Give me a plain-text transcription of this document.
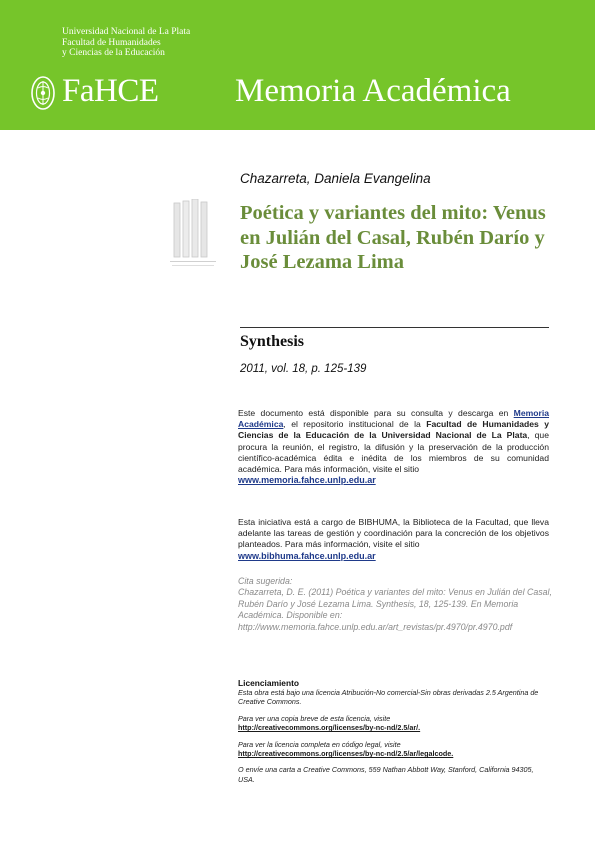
Universidad Nacional de La Plata
Facultad de Humanidades
y Ciencias de la Educación
FaHCE Memoria Académica
Chazarreta, Daniela Evangelina
Poética y variantes del mito: Venus en Julián del Casal, Rubén Darío y José Lezama Lima
Synthesis
2011, vol. 18, p. 125-139
Este documento está disponible para su consulta y descarga en Memoria Académica, el repositorio institucional de la Facultad de Humanidades y Ciencias de la Educación de la Universidad Nacional de La Plata, que procura la reunión, el registro, la difusión y la preservación de la producción científico-académica édita e inédita de los miembros de su comunidad académica. Para más información, visite el sitio
www.memoria.fahce.unlp.edu.ar
Esta iniciativa está a cargo de BIBHUMA, la Biblioteca de la Facultad, que lleva adelante las tareas de gestión y coordinación para la concreción de los objetivos planteados. Para más información, visite el sitio
www.bibhuma.fahce.unlp.edu.ar
Cita sugerida:
Chazarreta, D. E. (2011) Poética y variantes del mito: Venus en Julián del Casal, Rubén Darío y José Lezama Lima. Synthesis, 18, 125-139. En Memoria Académica. Disponible en:
http://www.memoria.fahce.unlp.edu.ar/art_revistas/pr.4970/pr.4970.pdf
Licenciamiento
Esta obra está bajo una licencia Atribución-No comercial-Sin obras derivadas 2.5 Argentina de Creative Commons.
Para ver una copia breve de esta licencia, visite
http://creativecommons.org/licenses/by-nc-nd/2.5/ar/.
Para ver la licencia completa en código legal, visite
http://creativecommons.org/licenses/by-nc-nd/2.5/ar/legalcode.
O envíe una carta a Creative Commons, 559 Nathan Abbott Way, Stanford, California 94305, USA.
